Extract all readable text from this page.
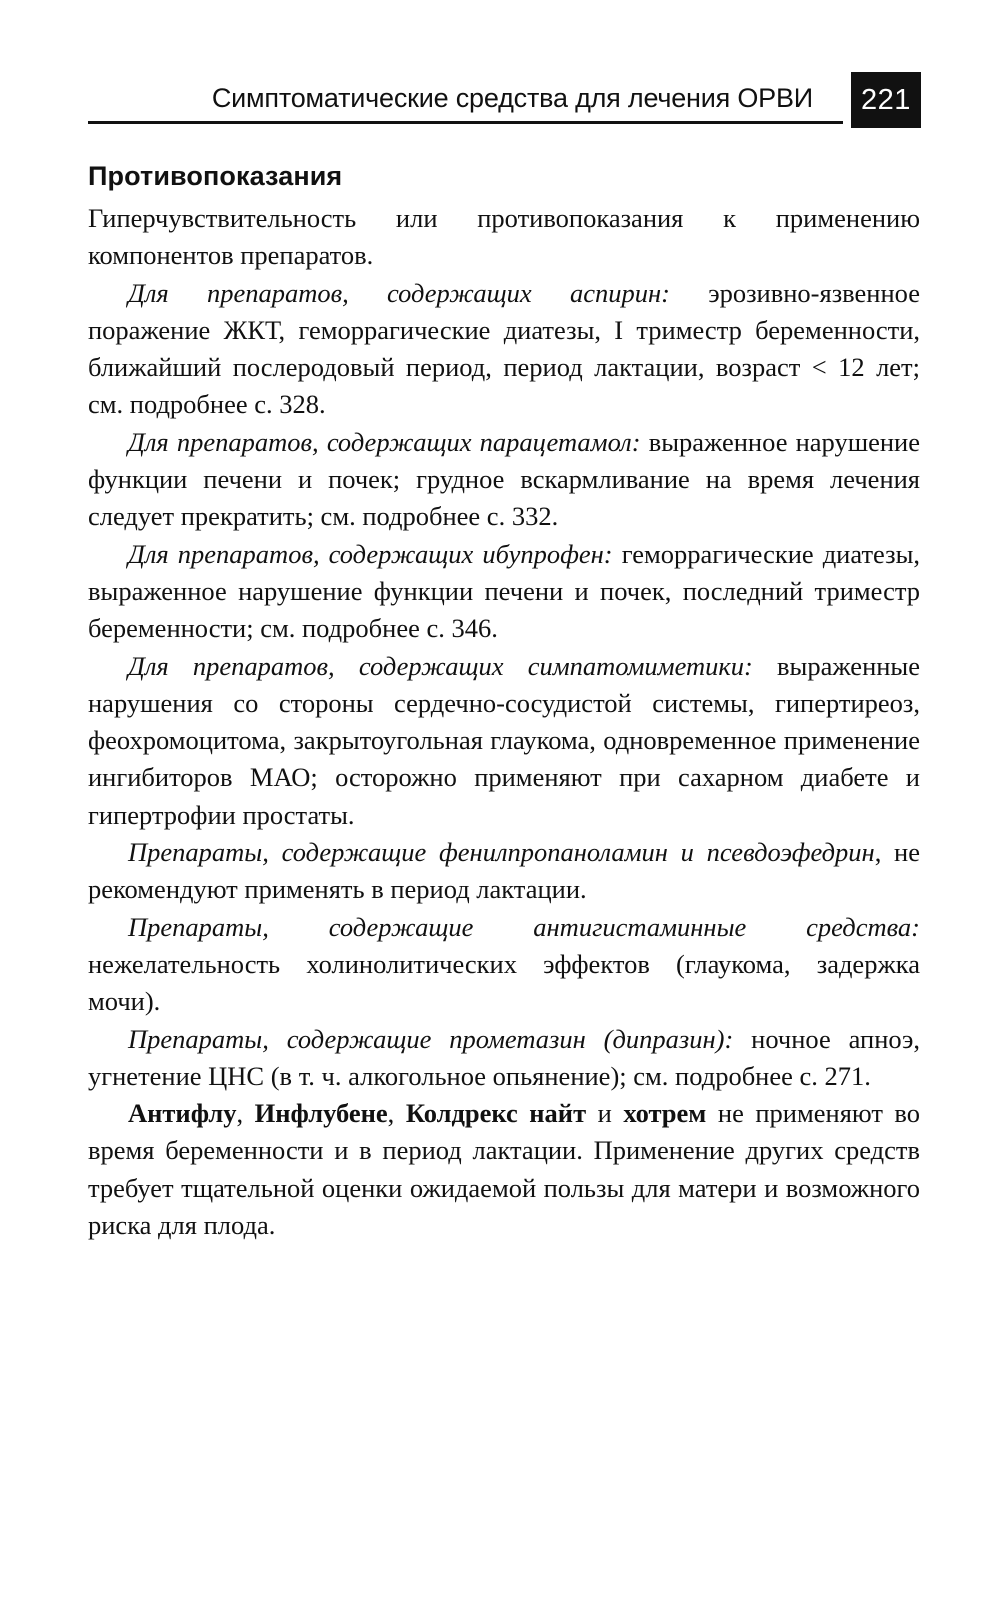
Симптоматические средства для лечения ОРВИ	221
Противопоказания

Гиперчувствительность или противопоказания к применению компонентов препаратов.

Для препаратов, содержащих аспирин: эрозивно-язвенное поражение ЖКТ, геморрагические диатезы, I триместр беременности, ближайший послеродовый период, период лактации, возраст < 12 лет; см. подробнее с. 328.

Для препаратов, содержащих парацетамол: выраженное нарушение функции печени и почек; грудное вскармливание на время лечения следует прекратить; см. подробнее с. 332.

Для препаратов, содержащих ибупрофен: геморрагические диатезы, выраженное нарушение функции печени и почек, последний триместр беременности; см. подробнее с. 346.

Для препаратов, содержащих симпатомиметики: выраженные нарушения со стороны сердечно-сосудистой системы, гипертиреоз, феохромоцитома, закрытоугольная глаукома, одновременное применение ингибиторов МАО; осторожно применяют при сахарном диабете и гипертрофии простаты.

Препараты, содержащие фенилпропаноламин и псевдоэфедрин, не рекомендуют применять в период лактации.

Препараты, содержащие антигистаминные средства: нежелательность холинолитических эффектов (глаукома, задержка мочи).

Препараты, содержащие прометазин (дипразин): ночное апноэ, угнетение ЦНС (в т. ч. алкогольное опьянение); см. подробнее с. 271.

Антифлу, Инфлубене, Колдрекс найт и хотрем не применяют во время беременности и в период лактации. Применение других средств требует тщательной оценки ожидаемой пользы для матери и возможного риска для плода.
